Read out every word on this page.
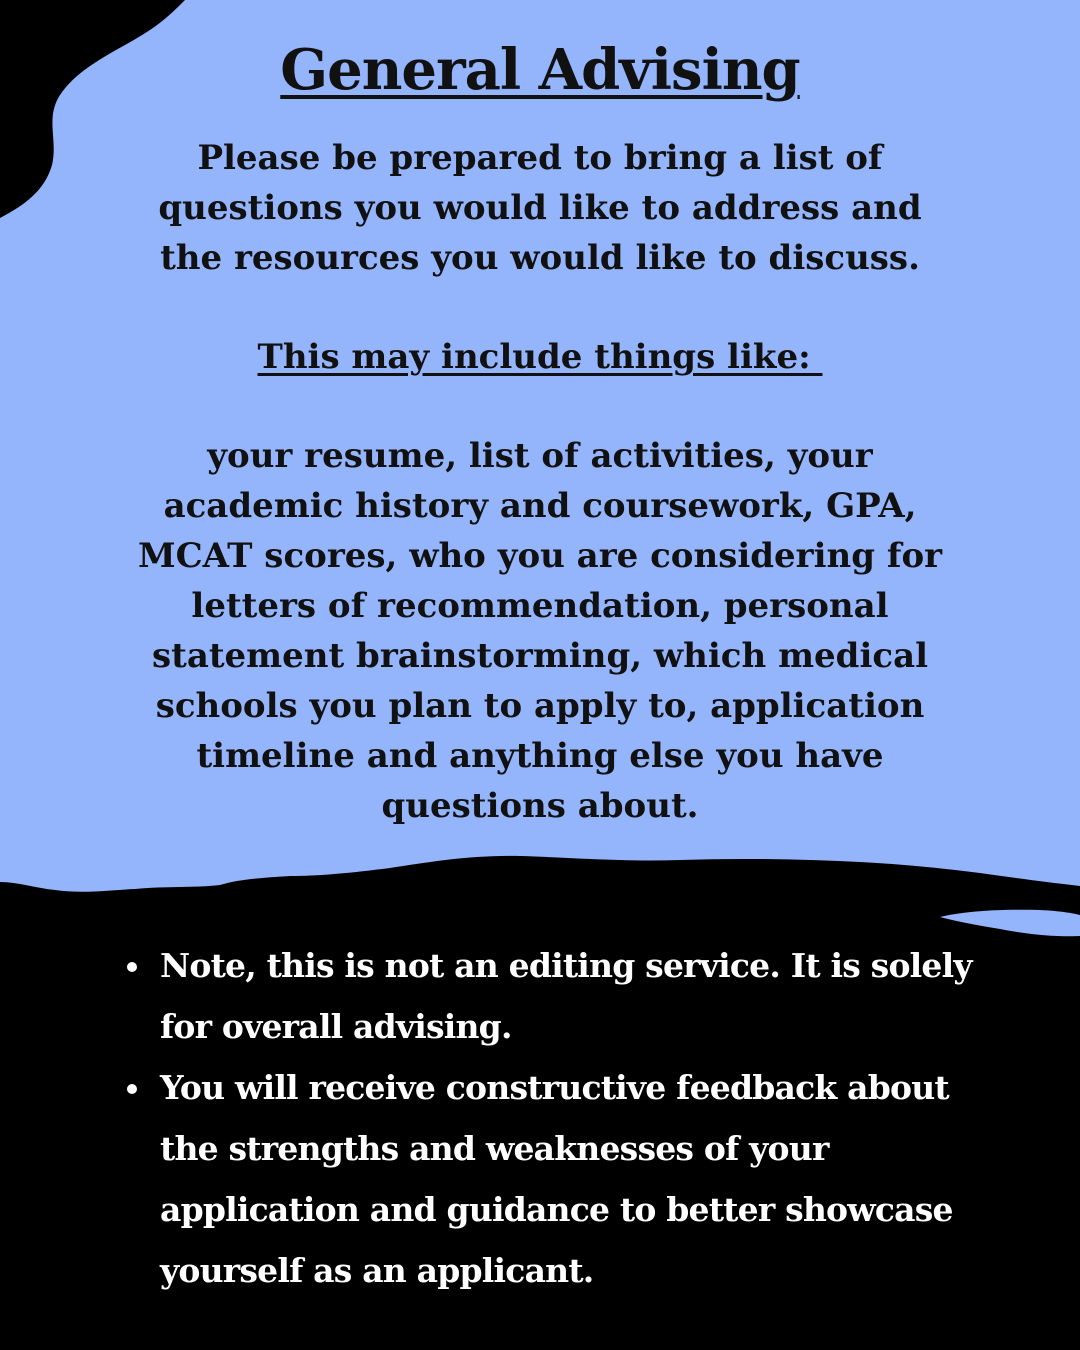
General Advising

Please be prepared to bring a list of
questions you would like to address and
the resources you would like to discuss.

This may include things like:

your resume, list of activities, your
academic history and coursework, GPA,
MCAT scores, who you are considering for
letters of recommendation, personal
statement brainstorming, which medical
schools you plan to apply to, application
timeline and anything else you have
questions about.

Note, this is not an editing service. It is solely
for overall advising.
You will receive constructive feedback about
the strengths and weaknesses of your
application and guidance to better showcase
yourself as an applicant.
